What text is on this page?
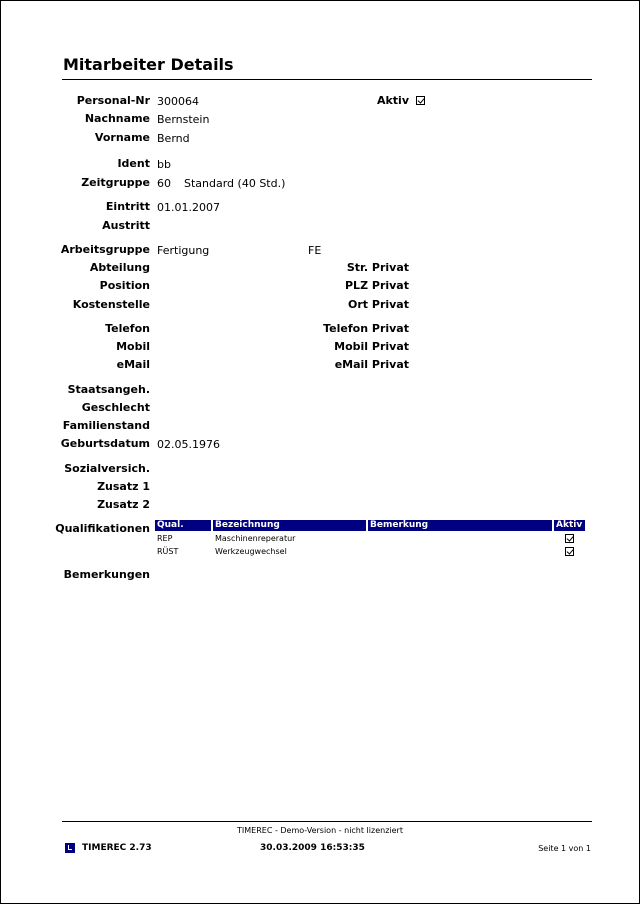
Mitarbeiter Details
Personal-Nr 300064	Aktiv
Nachname Bernstein
Vorname Bernd
Ident bb
Zeitgruppe 60 Standard (40 Std.)
Eintritt 01.01.2007
Austritt
Arbeitsgruppe Fertigung	FE
Abteilung	Str. Privat
Position	PLZ Privat
Kostenstelle	Ort Privat
Telefon	Telefon Privat
Mobil	Mobil Privat
eMail	eMail Privat
Staatsangeh.
Geschlecht
Familienstand
Geburtsdatum 02.05.1976
Sozialversich.
Zusatz 1
Zusatz 2
Qualifikationen Qual.	Bezeichnung	Bemerkung	Aktiv
REP	Maschinenreperatur
RÜST	Werkzeugwechsel
Bemerkungen
TIMEREC - Demo-Version - nicht lizenziert
TIMEREC 2.73	30.03.2009 16:53:35	Seite 1 von 1
